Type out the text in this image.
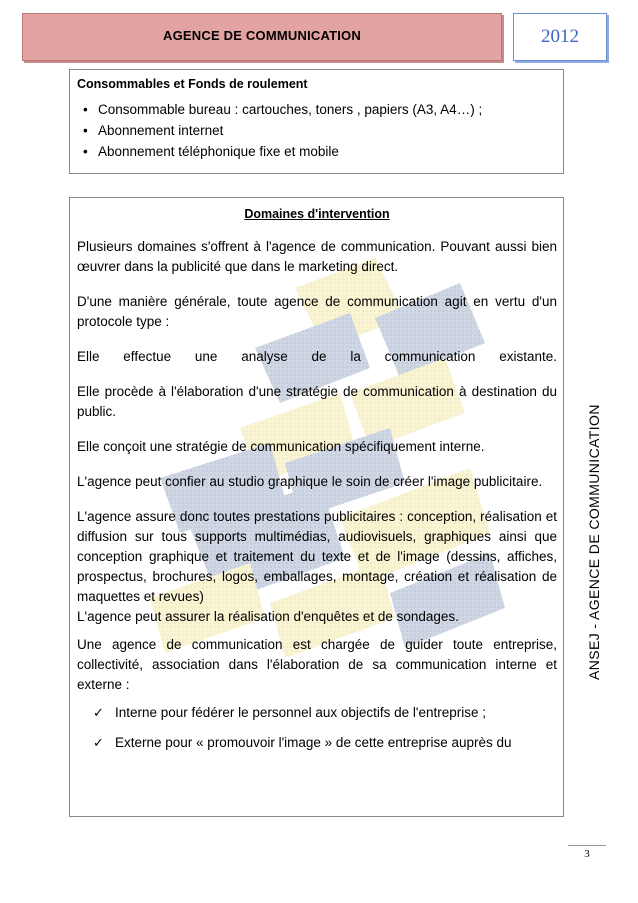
AGENCE DE COMMUNICATION	2012
Consommables et Fonds de roulement
• Consommable bureau : cartouches, toners , papiers (A3, A4…) ;
• Abonnement internet
• Abonnement téléphonique fixe et mobile
Domaines d'intervention

Plusieurs domaines s'offrent à l'agence de communication. Pouvant aussi bien œuvrer dans la publicité que dans le marketing direct.

D'une manière générale, toute agence de communication agit en vertu d'un protocole type :

Elle effectue une analyse de la communication existante.

Elle procède à l'élaboration d'une stratégie de communication à destination du public.

Elle conçoit une stratégie de communication spécifiquement interne.

L'agence peut confier au studio graphique le soin de créer l'image publicitaire.

L'agence assure donc toutes prestations publicitaires : conception, réalisation et diffusion sur tous supports multimédias, audiovisuels, graphiques ainsi que conception graphique et traitement du texte et de l'image (dessins, affiches, prospectus, brochures, logos, emballages, montage, création et réalisation de maquettes et revues)

L'agence peut assurer la réalisation d'enquêtes et de sondages.

Une agence de communication est chargée de guider toute entreprise, collectivité, association dans l'élaboration de sa communication interne et externe :

✓ Interne pour fédérer le personnel aux objectifs de l'entreprise ;
✓ Externe pour « promouvoir l'image » de cette entreprise auprès du
ANSEJ - AGENCE DE COMMUNICATION
3
